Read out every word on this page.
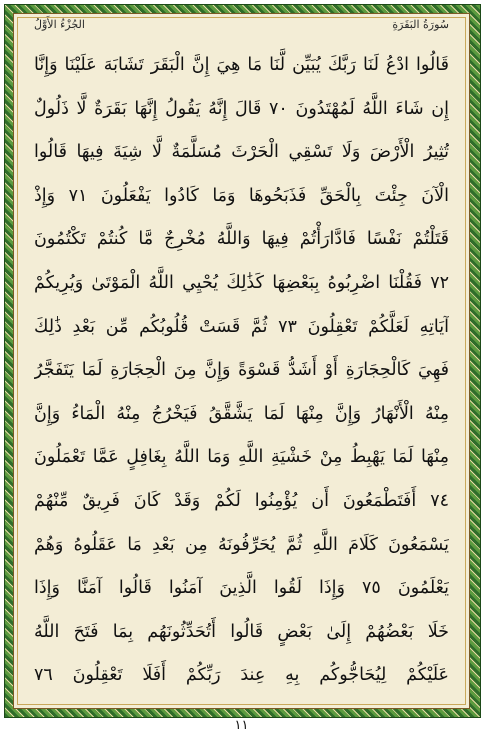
الجُزْءُ الأَوَّلُ	سُورَةُ البَقَرَةِ
قَالُوا ادْعُ لَنَا رَبَّكَ يُبَيِّن لَّنَا مَا هِيَ إِنَّ الْبَقَرَ تَشَابَهَ عَلَيْنَا وَإِنَّا
إِن شَاءَ اللَّهُ لَمُهْتَدُونَ ٧٠ قَالَ إِنَّهُ يَقُولُ إِنَّهَا بَقَرَةٌ لَّا ذَلُولٌ
تُثِيرُ الْأَرْضَ وَلَا تَسْقِي الْحَرْثَ مُسَلَّمَةٌ لَّا شِيَةَ فِيهَا قَالُوا
الْآنَ جِئْتَ بِالْحَقِّ فَذَبَحُوهَا وَمَا كَادُوا يَفْعَلُونَ ٧١ وَإِذْ
قَتَلْتُمْ نَفْسًا فَادَّارَأْتُمْ فِيهَا وَاللَّهُ مُخْرِجٌ مَّا كُنتُمْ تَكْتُمُونَ
٧٢ فَقُلْنَا اضْرِبُوهُ بِبَعْضِهَا كَذَٰلِكَ يُحْيِي اللَّهُ الْمَوْتَىٰ وَيُرِيكُمْ
آيَاتِهِ لَعَلَّكُمْ تَعْقِلُونَ ٧٣ ثُمَّ قَسَتْ قُلُوبُكُم مِّن بَعْدِ ذَٰلِكَ
فَهِيَ كَالْحِجَارَةِ أَوْ أَشَدُّ قَسْوَةً وَإِنَّ مِنَ الْحِجَارَةِ لَمَا يَتَفَجَّرُ
مِنْهُ الْأَنْهَارُ وَإِنَّ مِنْهَا لَمَا يَشَّقَّقُ فَيَخْرُجُ مِنْهُ الْمَاءُ وَإِنَّ
مِنْهَا لَمَا يَهْبِطُ مِنْ خَشْيَةِ اللَّهِ وَمَا اللَّهُ بِغَافِلٍ عَمَّا تَعْمَلُونَ
٧٤ أَفَتَطْمَعُونَ أَن يُؤْمِنُوا لَكُمْ وَقَدْ كَانَ فَرِيقٌ مِّنْهُمْ
يَسْمَعُونَ كَلَامَ اللَّهِ ثُمَّ يُحَرِّفُونَهُ مِن بَعْدِ مَا عَقَلُوهُ وَهُمْ
يَعْلَمُونَ ٧٥ وَإِذَا لَقُوا الَّذِينَ آمَنُوا قَالُوا آمَنَّا وَإِذَا
خَلَا بَعْضُهُمْ إِلَىٰ بَعْضٍ قَالُوا أَتُحَدِّثُونَهُم بِمَا فَتَحَ اللَّهُ
عَلَيْكُمْ لِيُحَاجُّوكُم بِهِ عِندَ رَبِّكُمْ أَفَلَا تَعْقِلُونَ ٧٦
١١
